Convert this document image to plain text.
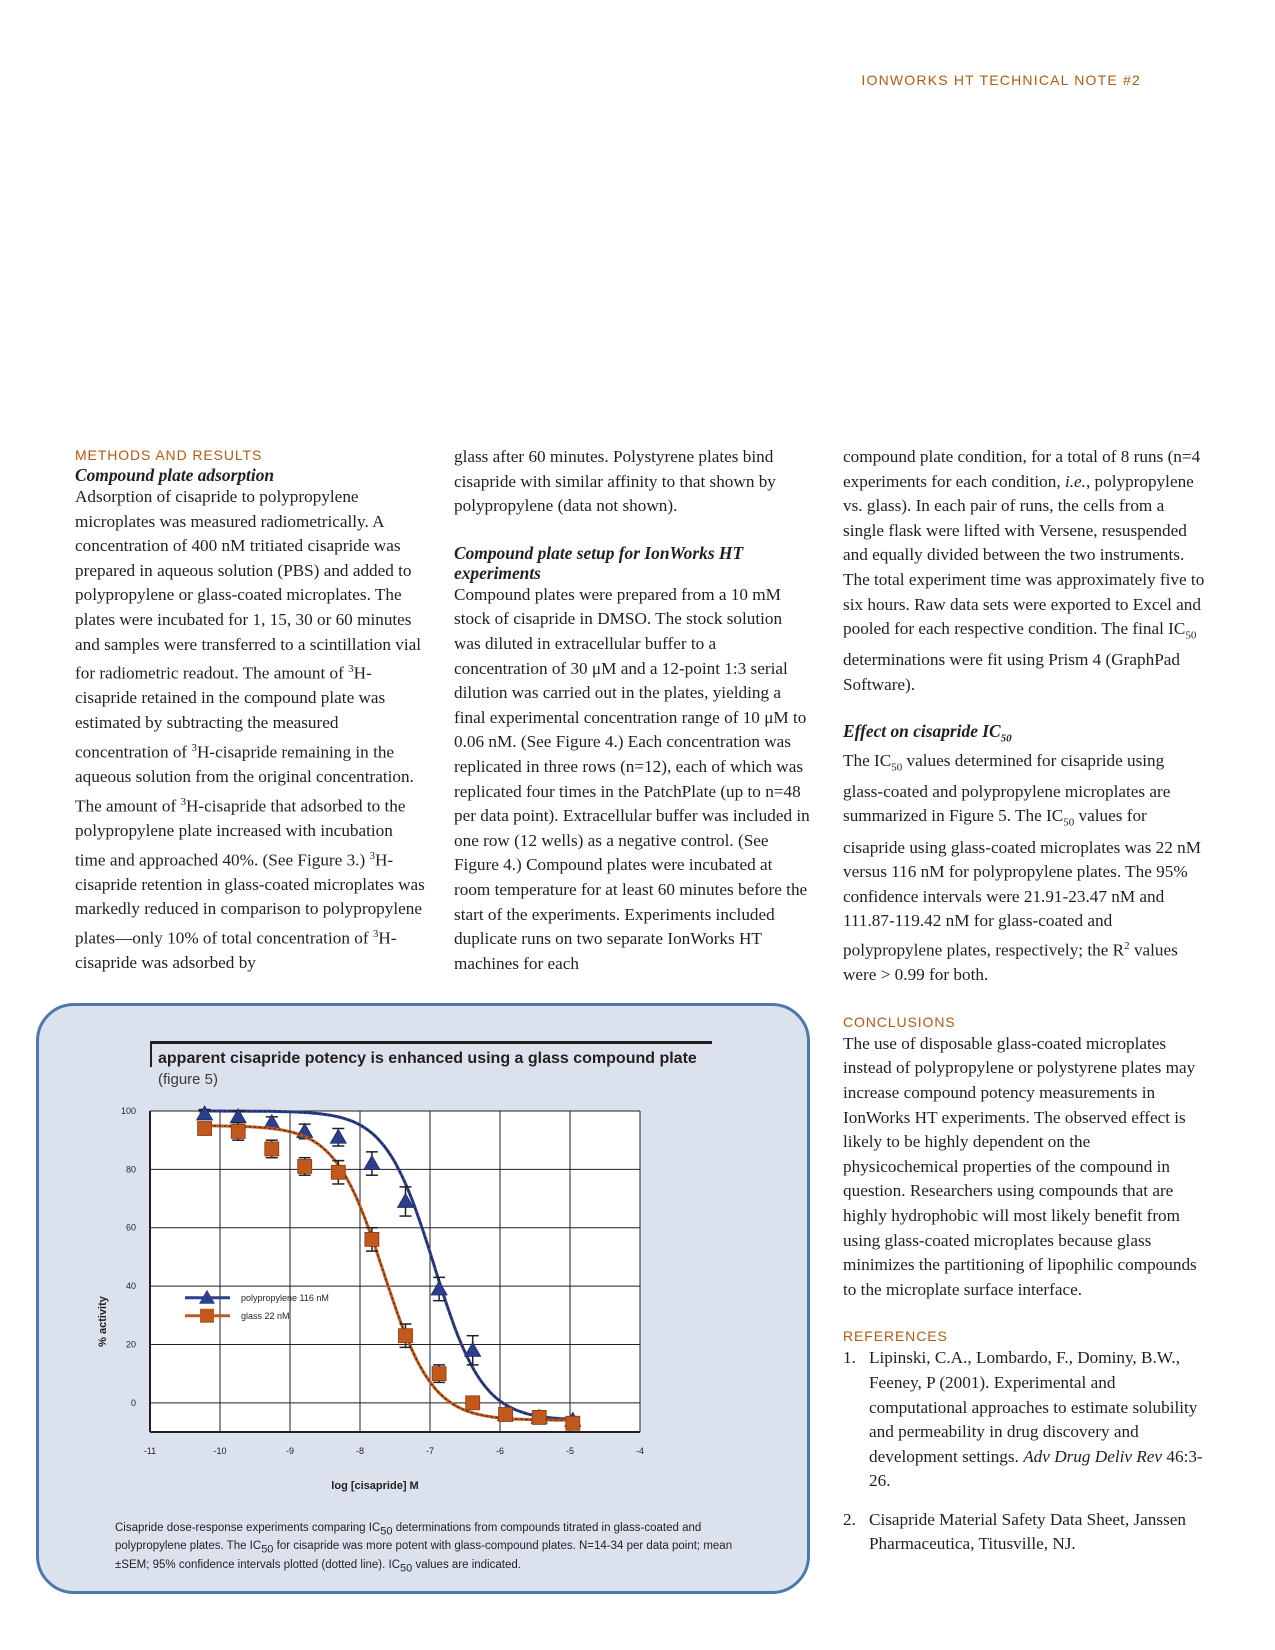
IONWORKS HT TECHNICAL NOTE #2

METHODS AND RESULTS

Compound plate adsorption

Adsorption of cisapride to polypropylene microplates was measured radiometrically. A concentration of 400 nM tritiated cisapride was prepared in aqueous solution (PBS) and added to polypropylene or glass-coated microplates. The plates were incubated for 1, 15, 30 or 60 minutes and samples were transferred to a scintillation vial for radiometric readout. The amount of $^3$H-cisapride retained in the compound plate was estimated by subtracting the measured concentration of $^3$H-cisapride remaining in the aqueous solution from the original concentration. The amount of $^3$H-cisapride that adsorbed to the polypropylene plate increased with incubation time and approached 40%. (See Figure 3.) $^3$H-cisapride retention in glass-coated microplates was markedly reduced in comparison to polypropylene plates—only 10% of total concentration of $^3$H-cisapride was adsorbed by

glass after 60 minutes. Polystyrene plates bind cisapride with similar affinity to that shown by polypropylene (data not shown).

Compound plate setup for IonWorks HT experiments

Compound plates were prepared from a 10 mM stock of cisapride in DMSO. The stock solution was diluted in extracellular buffer to a concentration of 30 μM and a 12-point 1:3 serial dilution was carried out in the plates, yielding a final experimental concentration range of 10 μM to 0.06 nM. (See Figure 4.) Each concentration was replicated in three rows (n=12), each of which was replicated four times in the PatchPlate (up to n=48 per data point). Extracellular buffer was included in one row (12 wells) as a negative control. (See Figure 4.) Compound plates were incubated at room temperature for at least 60 minutes before the start of the experiments. Experiments included duplicate runs on two separate IonWorks HT machines for each

compound plate condition, for a total of 8 runs (n=4 experiments for each condition, i.e., polypropylene vs. glass). In each pair of runs, the cells from a single flask were lifted with Versene, resuspended and equally divided between the two instruments. The total experiment time was approximately five to six hours. Raw data sets were exported to Excel and pooled for each respective condition. The final $IC_{50}$ determinations were fit using Prism 4 (GraphPad Software).

Effect on cisapride $IC_{50}$

The $IC_{50}$ values determined for cisapride using glass-coated and polypropylene microplates are summarized in Figure 5. The $IC_{50}$ values for cisapride using glass-coated microplates was 22 nM versus 116 nM for polypropylene plates. The 95% confidence intervals were 21.91-23.47 nM and 111.87-119.42 nM for glass-coated and polypropylene plates, respectively; the $R^2$ values were > 0.99 for both.

CONCLUSIONS

The use of disposable glass-coated microplates instead of polypropylene or polystyrene plates may increase compound potency measurements in IonWorks HT experiments. The observed effect is likely to be highly dependent on the physicochemical properties of the compound in question. Researchers using compounds that are highly hydrophobic will most likely benefit from using glass-coated microplates because glass minimizes the partitioning of lipophilic compounds to the microplate surface interface.

REFERENCES

1. Lipinski, C.A., Lombardo, F., Dominy, B.W., Feeney, P (2001). Experimental and computational approaches to estimate solubility and permeability in drug discovery and development settings. Adv Drug Deliv Rev 46:3-26.
2. Cisapride Material Safety Data Sheet, Janssen Pharmaceutica, Titusville, NJ.
apparent cisapride potency is enhanced using a glass compound plate
(figure 5)
-11	-10	-9	-8	-7	-6	-5	-4
0
20
40
60
80
100
log [cisapride] M
% activity	polypropylene 116 nM
glass 22 nM
Cisapride dose-response experiments comparing $IC_{50}$ determinations from compounds titrated in glass-coated and polypropylene plates. The $IC_{50}$ for cisapride was more potent with glass-compound plates. N=14-34 per data point; mean ±SEM; 95% confidence intervals plotted (dotted line). $IC_{50}$ values are indicated.
